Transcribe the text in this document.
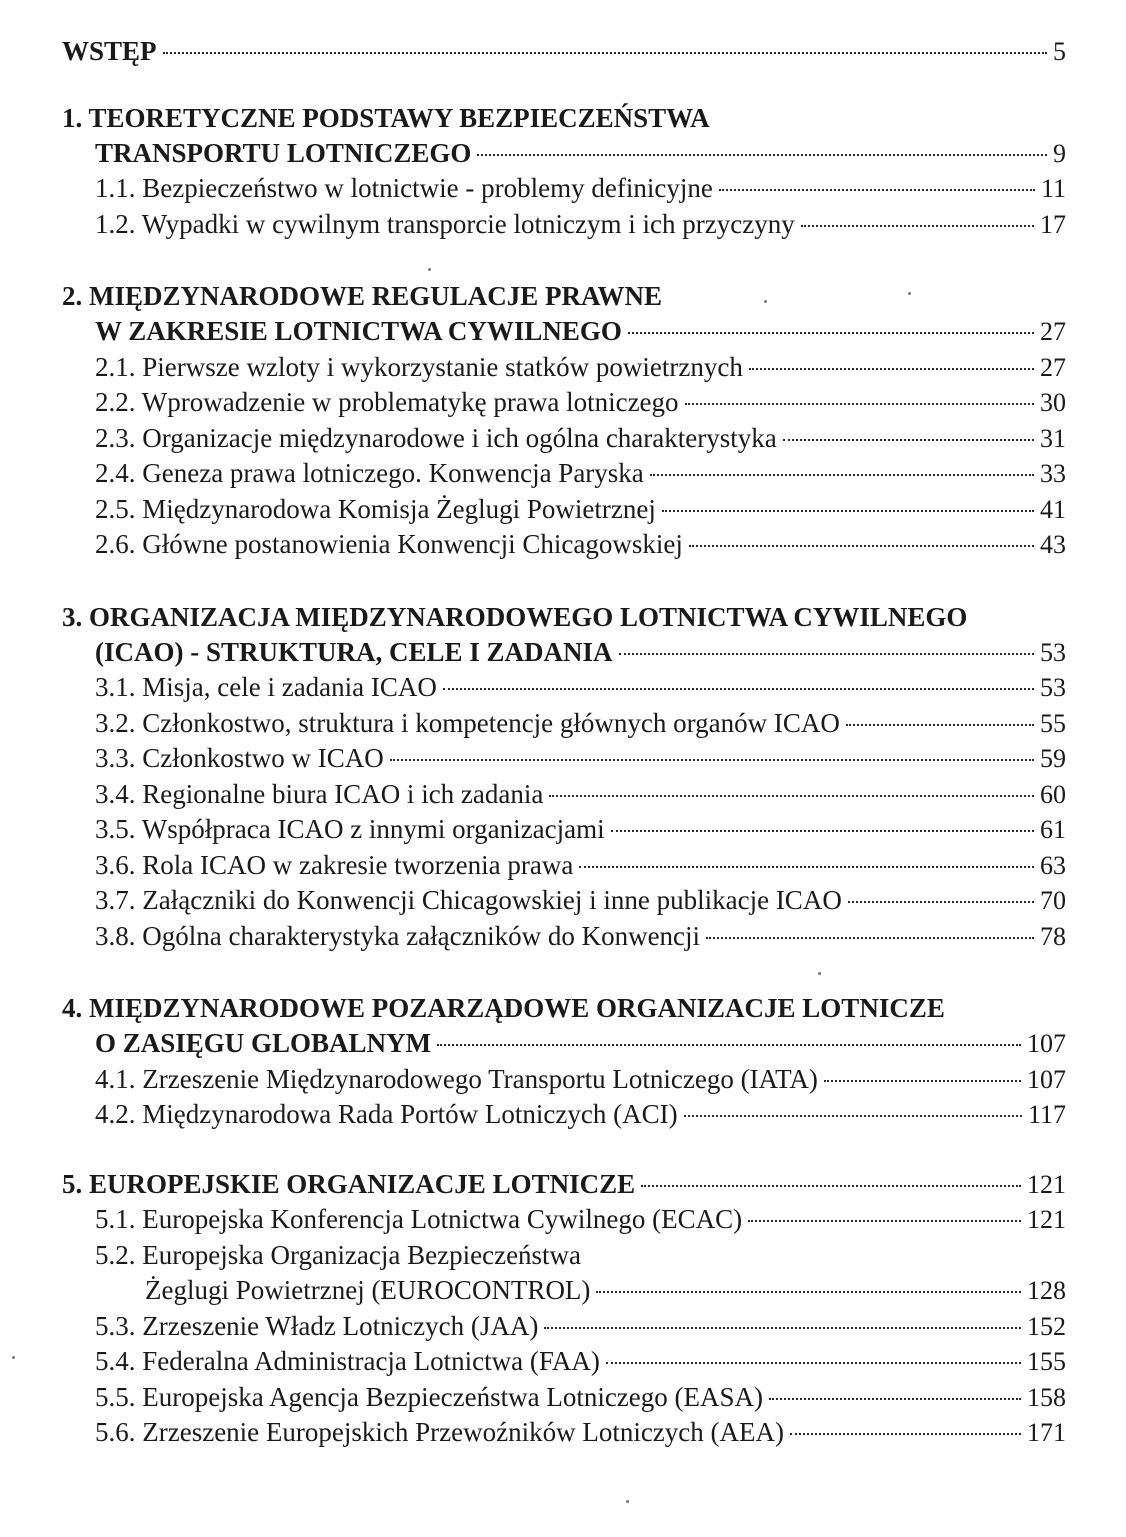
WSTĘP	5
1. TEORETYCZNE PODSTAWY BEZPIECZEŃSTWA
TRANSPORTU LOTNICZEGO	9
1.1. Bezpieczeństwo w lotnictwie - problemy definicyjne	11
1.2. Wypadki w cywilnym transporcie lotniczym i ich przyczyny	17
2. MIĘDZYNARODOWE REGULACJE PRAWNE
W ZAKRESIE LOTNICTWA CYWILNEGO	27
2.1. Pierwsze wzloty i wykorzystanie statków powietrznych	27
2.2. Wprowadzenie w problematykę prawa lotniczego	30
2.3. Organizacje międzynarodowe i ich ogólna charakterystyka	31
2.4. Geneza prawa lotniczego. Konwencja Paryska	33
2.5. Międzynarodowa Komisja Żeglugi Powietrznej	41
2.6. Główne postanowienia Konwencji Chicagowskiej	43
3. ORGANIZACJA MIĘDZYNARODOWEGO LOTNICTWA CYWILNEGO
(ICAO) - STRUKTURA, CELE I ZADANIA	53
3.1. Misja, cele i zadania ICAO	53
3.2. Członkostwo, struktura i kompetencje głównych organów ICAO	55
3.3. Członkostwo w ICAO	59
3.4. Regionalne biura ICAO i ich zadania	60
3.5. Współpraca ICAO z innymi organizacjami	61
3.6. Rola ICAO w zakresie tworzenia prawa	63
3.7. Załączniki do Konwencji Chicagowskiej i inne publikacje ICAO	70
3.8. Ogólna charakterystyka załączników do Konwencji	78
4. MIĘDZYNARODOWE POZARZĄDOWE ORGANIZACJE LOTNICZE
O ZASIĘGU GLOBALNYM	107
4.1. Zrzeszenie Międzynarodowego Transportu Lotniczego (IATA)	107
4.2. Międzynarodowa Rada Portów Lotniczych (ACI)	117
5. EUROPEJSKIE ORGANIZACJE LOTNICZE	121
5.1. Europejska Konferencja Lotnictwa Cywilnego (ECAC)	121
5.2. Europejska Organizacja Bezpieczeństwa
Żeglugi Powietrznej (EUROCONTROL)	128
5.3. Zrzeszenie Władz Lotniczych (JAA)	152
5.4. Federalna Administracja Lotnictwa (FAA)	155
5.5. Europejska Agencja Bezpieczeństwa Lotniczego (EASA)	158
5.6. Zrzeszenie Europejskich Przewoźników Lotniczych (AEA)	171
